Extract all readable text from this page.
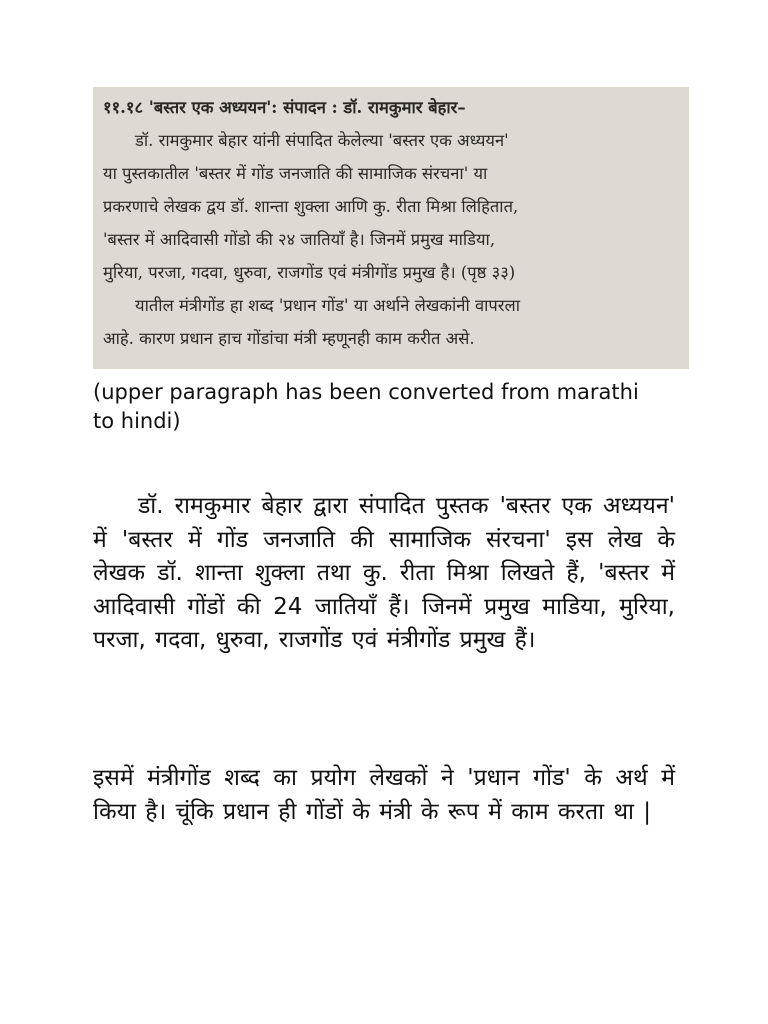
११.१८ 'बस्तर एक अध्ययन': संपादन : डॉ. रामकुमार बेहार–

डॉ. रामकुमार बेहार यांनी संपादित केलेल्या 'बस्तर एक अध्ययन'

या पुस्तकातील 'बस्तर में गोंड जनजाति की सामाजिक संरचना' या

प्रकरणाचे लेखक द्वय डॉ. शान्ता शुक्ला आणि कु. रीता मिश्रा लिहितात,

'बस्तर में आदिवासी गोंडो की २४ जातियाँ है। जिनमें प्रमुख माडिया,

मुरिया, परजा, गदवा, धुरुवा, राजगोंड एवं मंत्रीगोंड प्रमुख है। (पृष्ठ ३३)

यातील मंत्रीगोंड हा शब्द 'प्रधान गोंड' या अर्थाने लेखकांनी वापरला

आहे. कारण प्रधान हाच गोंडांचा मंत्री म्हणूनही काम करीत असे.

(upper paragraph has been converted from marathi to hindi)

डॉ. रामकुमार बेहार द्वारा संपादित पुस्तक 'बस्तर एक अध्ययन' में 'बस्तर में गोंड जनजाति की सामाजिक संरचना' इस लेख के लेखक डॉ. शान्ता शुक्ला तथा कु. रीता मिश्रा लिखते हैं, 'बस्तर में आदिवासी गोंडों की 24 जातियाँ हैं। जिनमें प्रमुख माडिया, मुरिया, परजा, गदवा, धुरुवा, राजगोंड एवं मंत्रीगोंड प्रमुख हैं।

इसमें मंत्रीगोंड शब्द का प्रयोग लेखकों ने 'प्रधान गोंड' के अर्थ में किया है। चूंकि प्रधान ही गोंडों के मंत्री के रूप में काम करता था |
